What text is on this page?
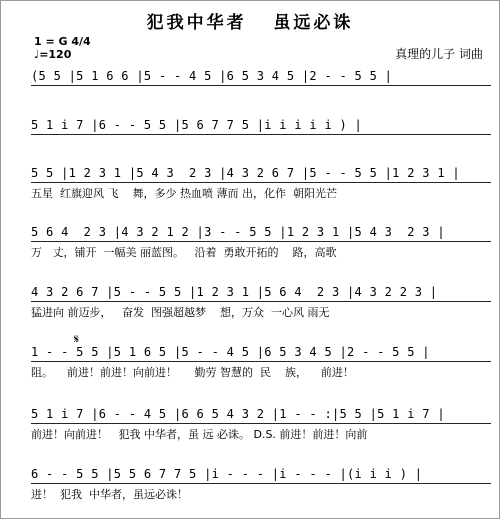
犯我中华者   虽远必诛
1 = G 4/4
♩=120	真理的儿子 词曲
(5 5 |5 1 6 6 |5 - - 4 5 |6 5 3 4 5 |2 - - 5 5 |
5 1 i 7 |6 - - 5 5 |5 6 7 7 5 |i i i i i ) |
5 5 |1 2 3 1 |5 4 3  2 3 |4 3 2 6 7 |5 - - 5 5 |1 2 3 1 |
五星  红旗迎风 飞    舞，多少 热血喷 薄而 出，化作  朝阳光芒
5 6 4  2 3 |4 3 2 1 2 |3 - - 5 5 |1 2 3 1 |5 4 3  2 3 |
万   丈，铺开  一幅美 丽蓝图。   沿着  勇敢开拓的    路，高歌
4 3 2 6 7 |5 - - 5 5 |1 2 3 1 |5 6 4  2 3 |4 3 2 2 3 |
猛进向 前迈步，   奋发  图强超越梦    想，万众  一心风 雨无
𝄋
1 - - 5 5 |5 1 6 5 |5 - - 4 5 |6 5 3 4 5 |2 - - 5 5 |
阻。    前进！前进！向前进！     勤劳 智慧的  民    族，    前进！
5 1 i 7 |6 - - 4 5 |6 6 5 4 3 2 |1 - - :|5 5 |5 1 i 7 |
前进！向前进！   犯我 中华者，虽 远 必诛。 D.S. 前进！前进！向前
6 - - 5 5 |5 5 6 7 7 5 |i - - - |i - - - |(i i i ) |
进！  犯我  中华者，虽远必诛！
